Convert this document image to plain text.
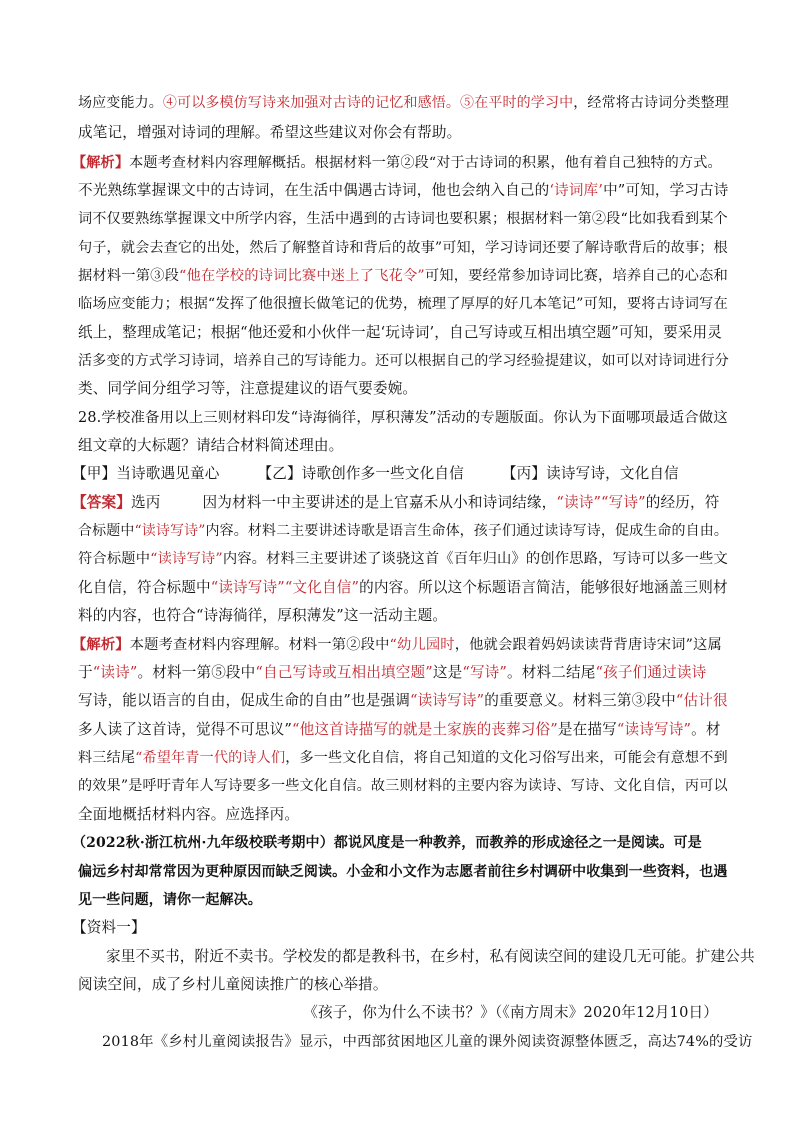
场应变能力。④可以多模仿写诗来加强对古诗的记忆和感悟。⑤在平时的学习中，经常将古诗词分类整理
成笔记，增强对诗词的理解。希望这些建议对你会有帮助。
【解析】本题考查材料内容理解概括。根据材料一第②段“对于古诗词的积累，他有着自己独特的方式。
不光熟练掌握课文中的古诗词，在生活中偶遇古诗词，他也会纳入自己的‘诗词库’中”可知，学习古诗
词不仅要熟练掌握课文中所学内容，生活中遇到的古诗词也要积累；根据材料一第②段“比如我看到某个
句子，就会去查它的出处，然后了解整首诗和背后的故事”可知，学习诗词还要了解诗歌背后的故事；根
据材料一第③段“他在学校的诗词比赛中迷上了飞花令”可知，要经常参加诗词比赛，培养自己的心态和
临场应变能力；根据“发挥了他很擅长做笔记的优势，梳理了厚厚的好几本笔记”可知，要将古诗词写在
纸上，整理成笔记；根据“他还爱和小伙伴一起‘玩诗词’，自己写诗或互相出填空题”可知，要采用灵
活多变的方式学习诗词，培养自己的写诗能力。还可以根据自己的学习经验提建议，如可以对诗词进行分
类、同学间分组学习等，注意提建议的语气要委婉。
28.学校准备用以上三则材料印发“诗海徜徉，厚积薄发”活动的专题版面。你认为下面哪项最适合做这
组文章的大标题？请结合材料简述理由。
【甲】当诗歌遇见童心	【乙】诗歌创作多一些文化自信	【丙】读诗写诗，文化自信
【答案】选丙	因为材料一中主要讲述的是上官嘉禾从小和诗词结缘，“读诗”“写诗”的经历，符
合标题中“读诗写诗”内容。材料二主要讲述诗歌是语言生命体，孩子们通过读诗写诗，促成生命的自由。
符合标题中“读诗写诗”内容。材料三主要讲述了谈骁这首《百年归山》的创作思路，写诗可以多一些文
化自信，符合标题中“读诗写诗”“文化自信”的内容。所以这个标题语言简洁，能够很好地涵盖三则材
料的内容，也符合“诗海徜徉，厚积薄发”这一活动主题。
【解析】本题考查材料内容理解。材料一第②段中“幼儿园时，他就会跟着妈妈读读背背唐诗宋词”这属
于“读诗”。材料一第⑤段中“自己写诗或互相出填空题”这是“写诗”。材料二结尾“孩子们通过读诗
写诗，能以语言的自由，促成生命的自由”也是强调“读诗写诗”的重要意义。材料三第③段中“估计很
多人读了这首诗，觉得不可思议”“他这首诗描写的就是土家族的丧葬习俗”是在描写“读诗写诗”。材
料三结尾“希望年青一代的诗人们，多一些文化自信，将自己知道的文化习俗写出来，可能会有意想不到
的效果”是呼吁青年人写诗要多一些文化自信。故三则材料的主要内容为读诗、写诗、文化自信，丙可以
全面地概括材料内容。应选择丙。
（2022秋·浙江杭州·九年级校联考期中）都说风度是一种教养，而教养的形成途径之一是阅读。可是
偏远乡村却常常因为更种原因而缺乏阅读。小金和小文作为志愿者前往乡村调研中收集到一些资料，也遇
见一些问题，请你一起解决。
【资料一】
家里不买书，附近不卖书。学校发的都是教科书，在乡村，私有阅读空间的建设几无可能。扩建公共
阅读空间，成了乡村儿童阅读推广的核心举措。
《孩子，你为什么不读书？》（《南方周末》2020年12月10日）
2018年《乡村儿童阅读报告》显示，中西部贫困地区儿童的课外阅读资源整体匮乏，高达74%的受访
